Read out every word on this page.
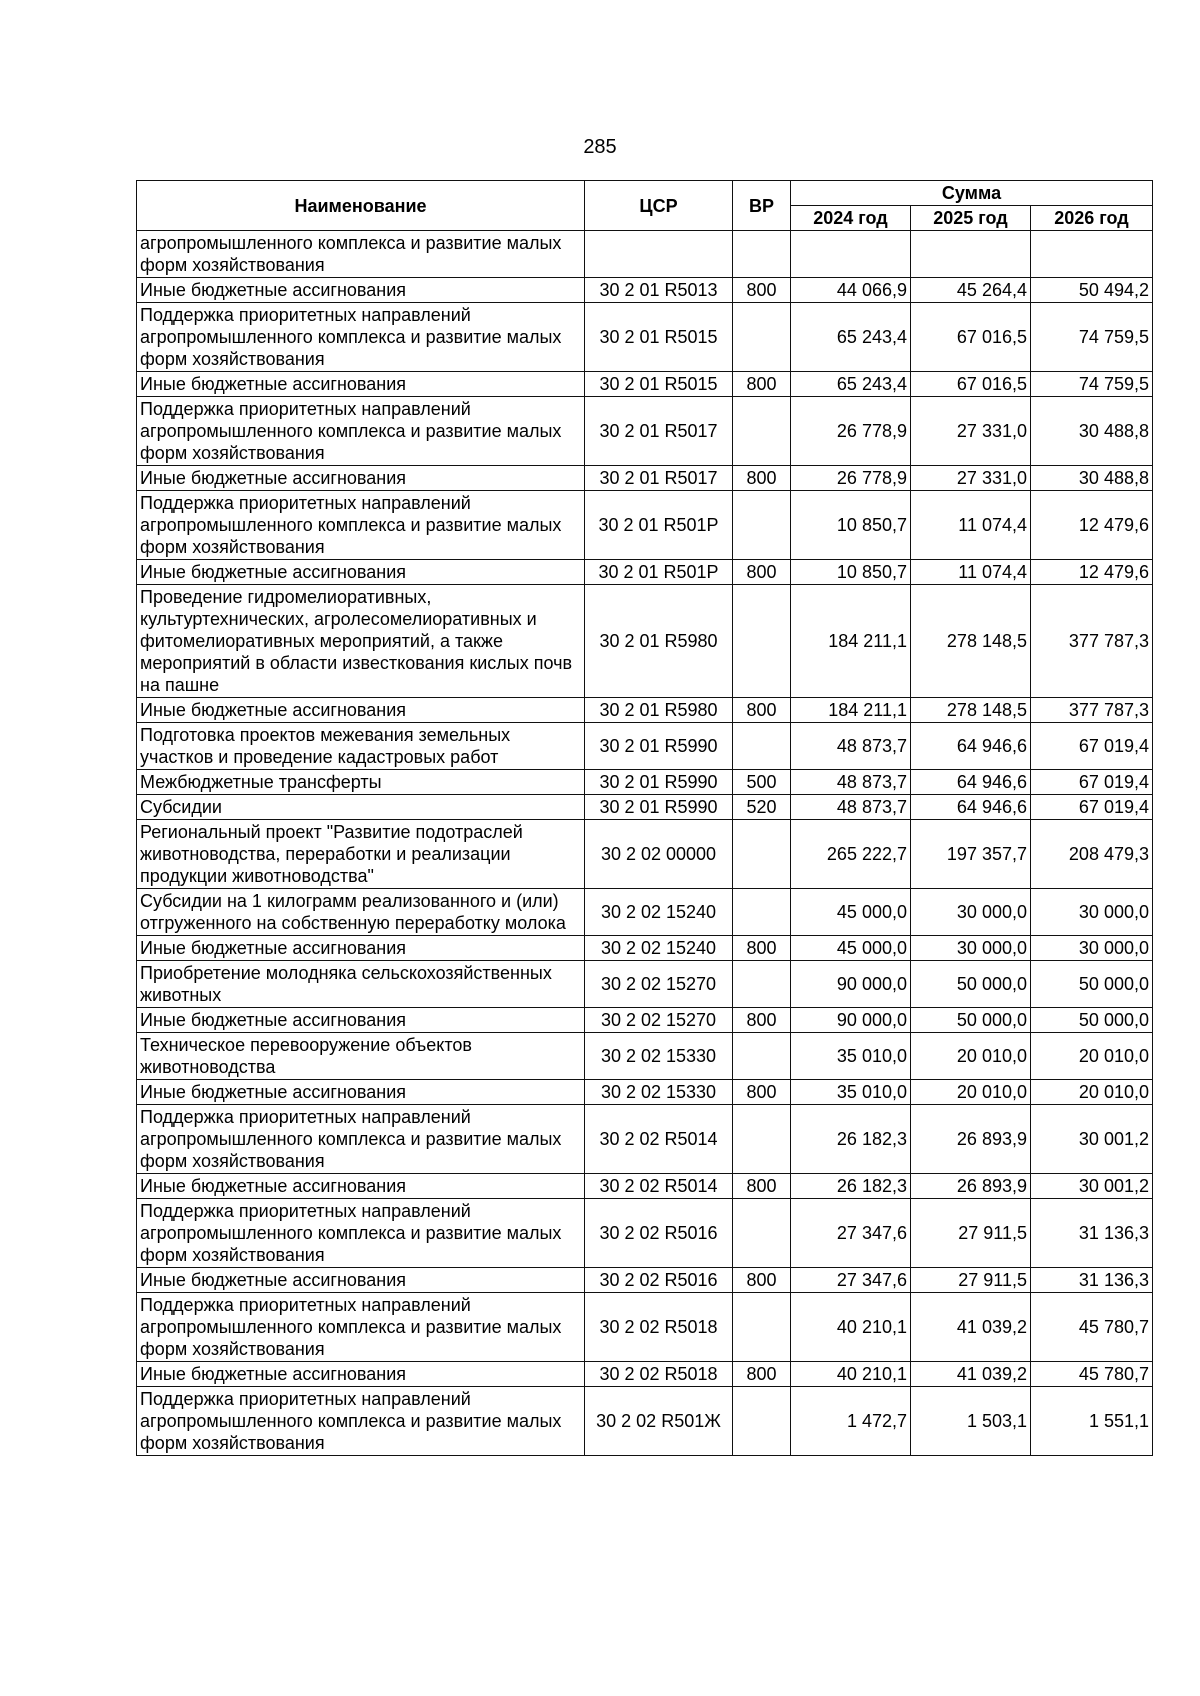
285
Наименование	ЦСР	ВР	Сумма		
			2024 год	2025 год	2026 год
агропромышленного комплекса и развитие малых форм хозяйствования					
Иные бюджетные ассигнования	30 2 01 R5013	800	44 066,9	45 264,4	50 494,2
Поддержка приоритетных направлений агропромышленного комплекса и развитие малых форм хозяйствования	30 2 01 R5015		65 243,4	67 016,5	74 759,5
Иные бюджетные ассигнования	30 2 01 R5015	800	65 243,4	67 016,5	74 759,5
Поддержка приоритетных направлений агропромышленного комплекса и развитие малых форм хозяйствования	30 2 01 R5017		26 778,9	27 331,0	30 488,8
Иные бюджетные ассигнования	30 2 01 R5017	800	26 778,9	27 331,0	30 488,8
Поддержка приоритетных направлений агропромышленного комплекса и развитие малых форм хозяйствования	30 2 01 R501P		10 850,7	11 074,4	12 479,6
Иные бюджетные ассигнования	30 2 01 R501P	800	10 850,7	11 074,4	12 479,6
Проведение гидромелиоративных, культуртехнических, агролесомелиоративных и фитомелиоративных мероприятий, а также мероприятий в области известкования кислых почв на пашне	30 2 01 R5980		184 211,1	278 148,5	377 787,3
Иные бюджетные ассигнования	30 2 01 R5980	800	184 211,1	278 148,5	377 787,3
Подготовка проектов межевания земельных участков и проведение кадастровых работ	30 2 01 R5990		48 873,7	64 946,6	67 019,4
Межбюджетные трансферты	30 2 01 R5990	500	48 873,7	64 946,6	67 019,4
Субсидии	30 2 01 R5990	520	48 873,7	64 946,6	67 019,4
Региональный проект "Развитие подотраслей животноводства, переработки и реализации продукции животноводства"	30 2 02 00000		265 222,7	197 357,7	208 479,3
Субсидии на 1 килограмм реализованного и (или) отгруженного на собственную переработку молока	30 2 02 15240		45 000,0	30 000,0	30 000,0
Иные бюджетные ассигнования	30 2 02 15240	800	45 000,0	30 000,0	30 000,0
Приобретение молодняка сельскохозяйственных животных	30 2 02 15270		90 000,0	50 000,0	50 000,0
Иные бюджетные ассигнования	30 2 02 15270	800	90 000,0	50 000,0	50 000,0
Техническое перевооружение объектов животноводства	30 2 02 15330		35 010,0	20 010,0	20 010,0
Иные бюджетные ассигнования	30 2 02 15330	800	35 010,0	20 010,0	20 010,0
Поддержка приоритетных направлений агропромышленного комплекса и развитие малых форм хозяйствования	30 2 02 R5014		26 182,3	26 893,9	30 001,2
Иные бюджетные ассигнования	30 2 02 R5014	800	26 182,3	26 893,9	30 001,2
Поддержка приоритетных направлений агропромышленного комплекса и развитие малых форм хозяйствования	30 2 02 R5016		27 347,6	27 911,5	31 136,3
Иные бюджетные ассигнования	30 2 02 R5016	800	27 347,6	27 911,5	31 136,3
Поддержка приоритетных направлений агропромышленного комплекса и развитие малых форм хозяйствования	30 2 02 R5018		40 210,1	41 039,2	45 780,7
Иные бюджетные ассигнования	30 2 02 R5018	800	40 210,1	41 039,2	45 780,7
Поддержка приоритетных направлений агропромышленного комплекса и развитие малых форм хозяйствования	30 2 02 R501Ж		1 472,7	1 503,1	1 551,1
